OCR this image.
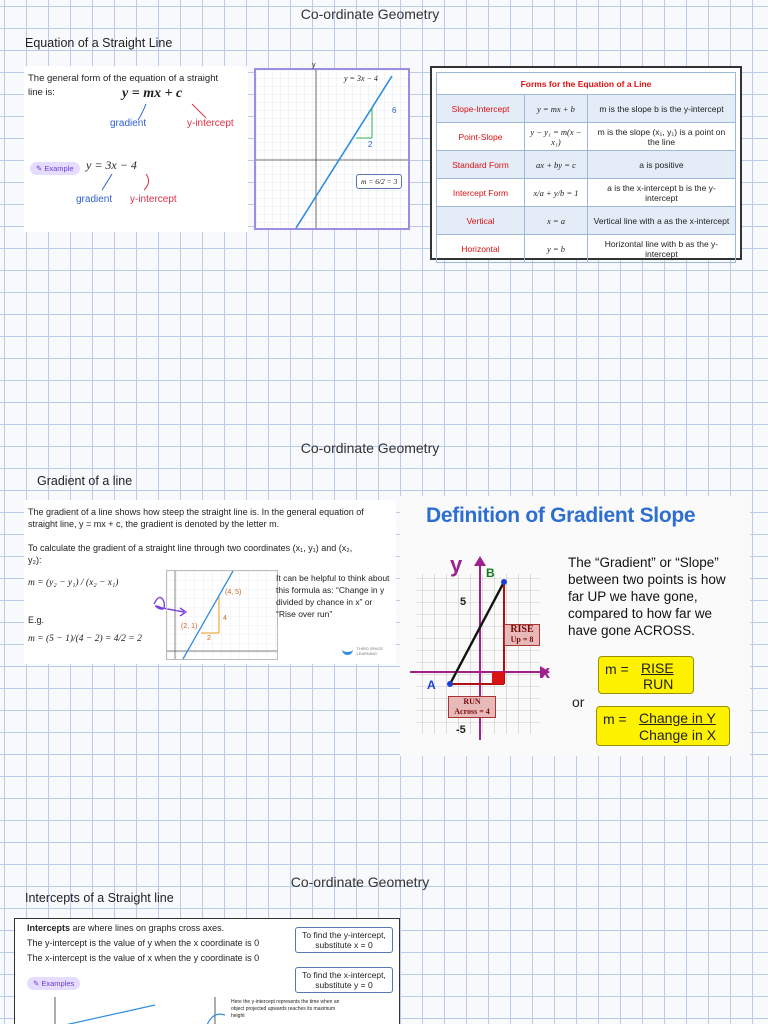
Co-ordinate Geometry
Equation of a Straight Line
The general form of the equation of a straight line is:	y = mx + c
gradient	y-intercept
✎ Example	y = 3x − 4
gradient y-intercept
y
y = 3x − 4
6
2
m = 6/2 = 3
Forms for the Equation of a Line		
Slope-Intercept	y = mx + b	m is the slope b is the y-intercept
Point-Slope	y − y₁ = m(x − x₁)	m is the slope (x₁, y₁) is a point on the line
Standard Form	ax + by = c	a is positive
Intercept Form	x/a + y/b = 1	a is the x-intercept b is the y-intercept
Vertical	x = a	Vertical line with a as the x-intercept
Horizontal	y = b	Horizontal line with b as the y-intercept
Co-ordinate Geometry
Gradient of a line
The gradient of a line shows how steep the straight line is. In the general equation of straight line, y = mx + c, the gradient is denoted by the letter m.
To calculate the gradient of a straight line through two coordinates (x₁, y₁) and (x₂, y₂):
m = (y₂ − y₁) / (x₂ − x₁)
E.g.
m = (5 − 1)/(4 − 2) = 4/2 = 2
(2, 1)
(4, 5)
4
2
It can be helpful to think about this formula as: “Change in y divided by chance in x” or “Rise over run”
THIRD SPACE LEARNING
Definition of Gradient Slope
y
x
A
B
5
-5
RISE
Up = 8
RUN
Across = 4
The “Gradient” or “Slope” between two points is how far UP we have gone, compared to how far we have gone ACROSS.
m = RISE
RUN
or
m = Change in Y
Change in X
Co-ordinate Geometry
Intercepts of a Straight line
Intercepts are where lines on graphs cross axes.
The y-intercept is the value of y when the x coordinate is 0
The x-intercept is the value of x when the y coordinate is 0
To find the y-intercept, substitute x = 0
To find the x-intercept, substitute y = 0
✎ Examples
Here the y-intercept represents the time when an object projected upwards reaches its maximum height
